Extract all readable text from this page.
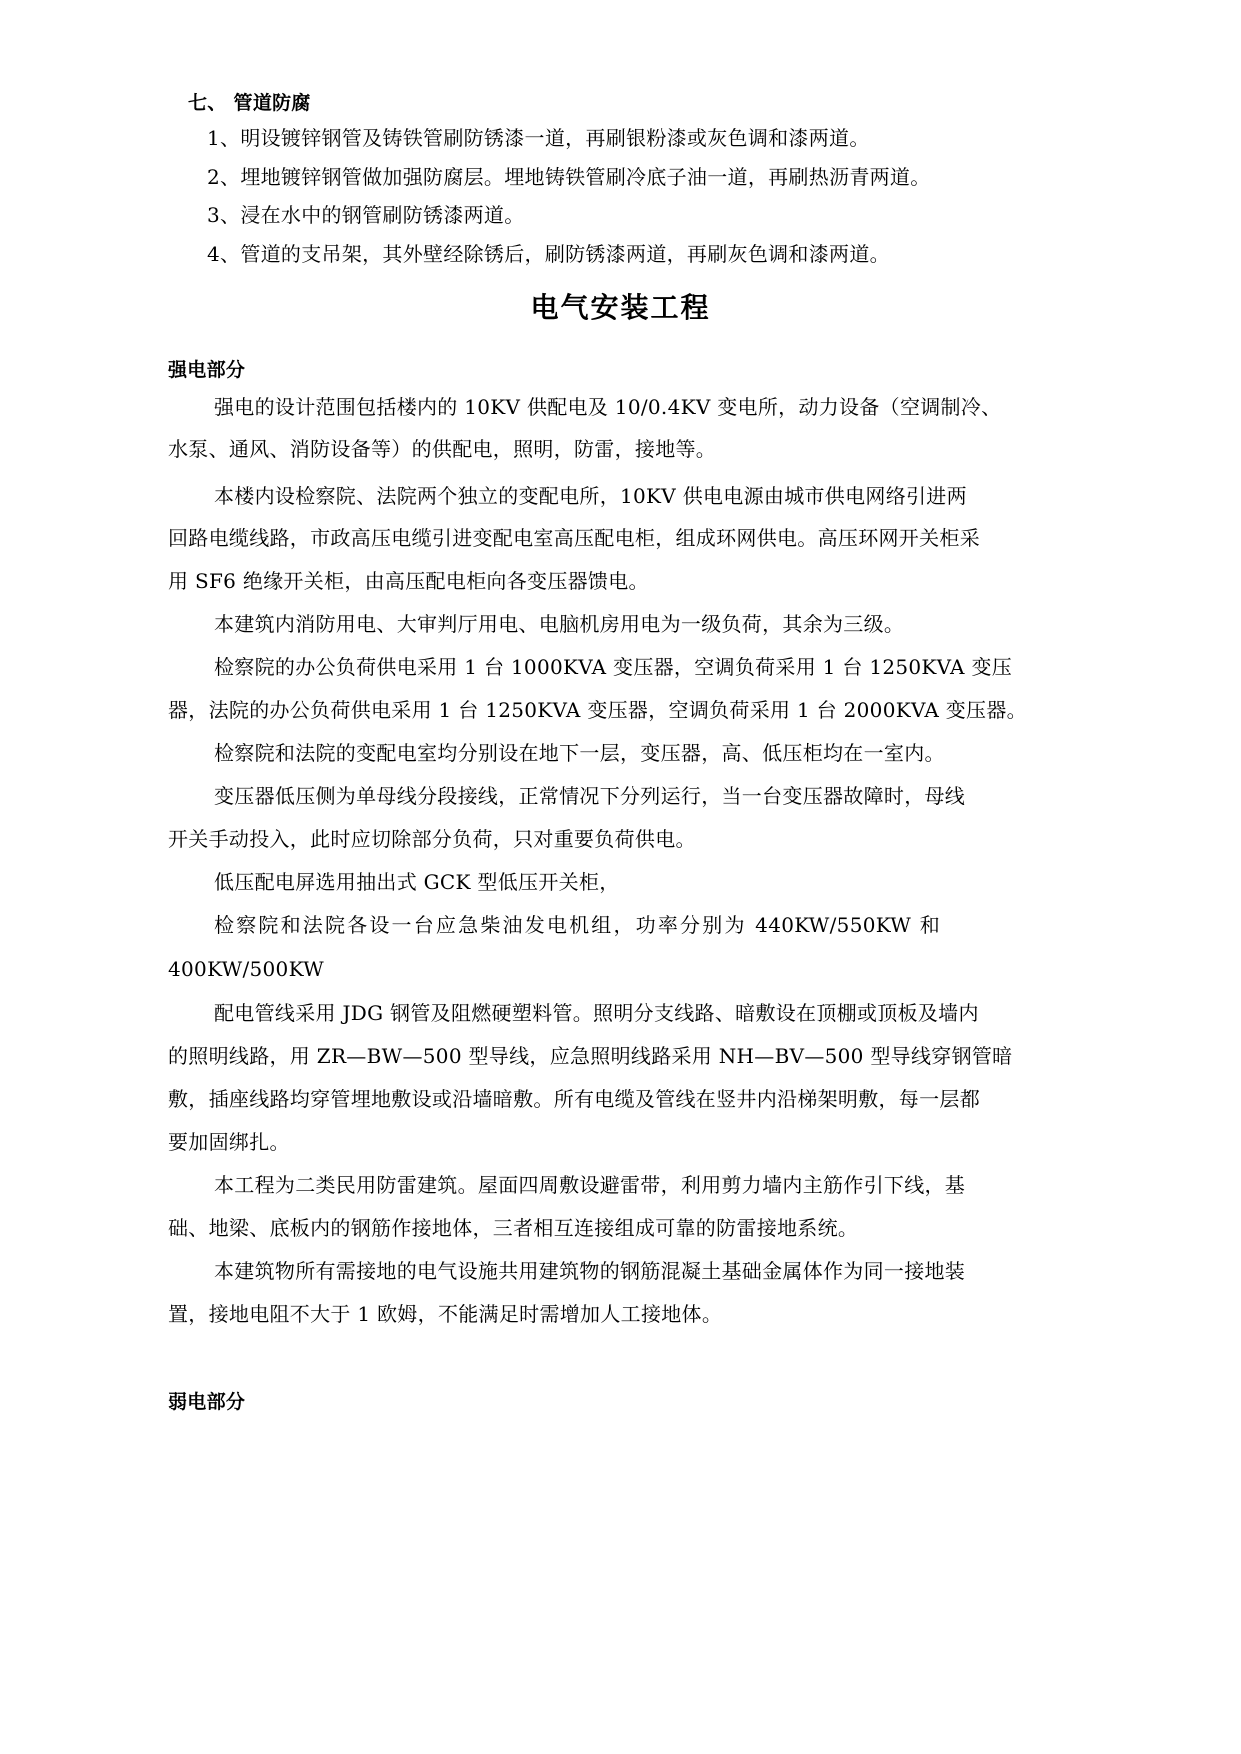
七、 管道防腐
1、明设镀锌钢管及铸铁管刷防锈漆一道，再刷银粉漆或灰色调和漆两道。
2、埋地镀锌钢管做加强防腐层。埋地铸铁管刷冷底子油一道，再刷热沥青两道。
3、浸在水中的钢管刷防锈漆两道。
4、管道的支吊架，其外壁经除锈后，刷防锈漆两道，再刷灰色调和漆两道。
电气安装工程
强电部分
强电的设计范围包括楼内的 10KV 供配电及 10/0.4KV 变电所，动力设备（空调制冷、
水泵、通风、消防设备等）的供配电，照明，防雷，接地等。
本楼内设检察院、法院两个独立的变配电所，10KV 供电电源由城市供电网络引进两
回路电缆线路，市政高压电缆引进变配电室高压配电柜，组成环网供电。高压环网开关柜采
用 SF6 绝缘开关柜，由高压配电柜向各变压器馈电。
本建筑内消防用电、大审判厅用电、电脑机房用电为一级负荷，其余为三级。
检察院的办公负荷供电采用 1 台 1000KVA 变压器，空调负荷采用 1 台 1250KVA 变压
器，法院的办公负荷供电采用 1 台 1250KVA 变压器，空调负荷采用 1 台 2000KVA 变压器。
检察院和法院的变配电室均分别设在地下一层，变压器，高、低压柜均在一室内。
变压器低压侧为单母线分段接线，正常情况下分列运行，当一台变压器故障时，母线
开关手动投入，此时应切除部分负荷，只对重要负荷供电。
低压配电屏选用抽出式 GCK 型低压开关柜，
检察院和法院各设一台应急柴油发电机组，功率分别为 440KW/550KW 和
400KW/500KW
配电管线采用 JDG 钢管及阻燃硬塑料管。照明分支线路、暗敷设在顶棚或顶板及墙内
的照明线路，用 ZR—BW—500 型导线，应急照明线路采用 NH—BV—500 型导线穿钢管暗
敷，插座线路均穿管埋地敷设或沿墙暗敷。所有电缆及管线在竖井内沿梯架明敷，每一层都
要加固绑扎。
本工程为二类民用防雷建筑。屋面四周敷设避雷带，利用剪力墙内主筋作引下线，基
础、地梁、底板内的钢筋作接地体，三者相互连接组成可靠的防雷接地系统。
本建筑物所有需接地的电气设施共用建筑物的钢筋混凝土基础金属体作为同一接地装
置，接地电阻不大于 1 欧姆，不能满足时需增加人工接地体。
弱电部分
